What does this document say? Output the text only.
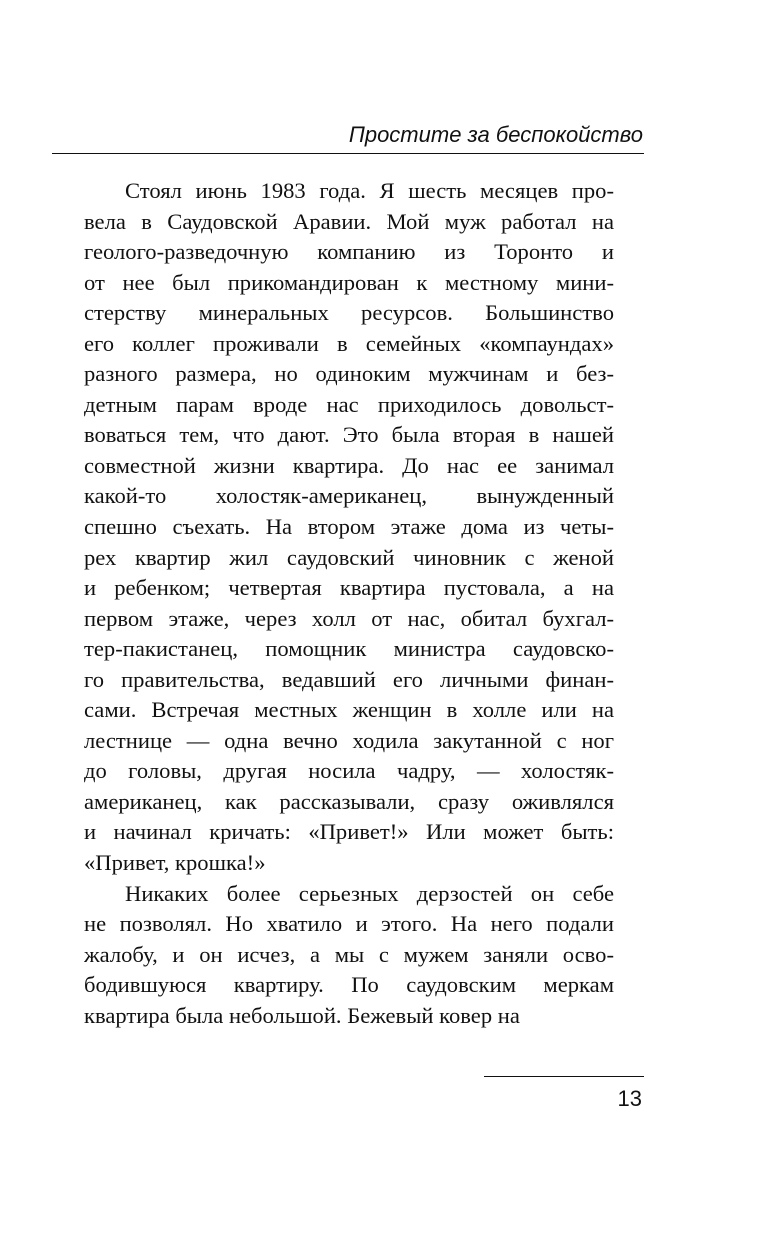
Простите за беспокойство
Стоял июнь 1983 года. Я шесть месяцев про-
вела в Саудовской Аравии. Мой муж работал на
геолого-разведочную компанию из Торонто и
от нее был прикомандирован к местному мини-
стерству минеральных ресурсов. Большинство
его коллег проживали в семейных «компаундах»
разного размера, но одиноким мужчинам и без-
детным парам вроде нас приходилось довольст-
воваться тем, что дают. Это была вторая в нашей
совместной жизни квартира. До нас ее занимал
какой-то холостяк-американец, вынужденный
спешно съехать. На втором этаже дома из четы-
рех квартир жил саудовский чиновник с женой
и ребенком; четвертая квартира пустовала, а на
первом этаже, через холл от нас, обитал бухгал-
тер-пакистанец, помощник министра саудовско-
го правительства, ведавший его личными финан-
сами. Встречая местных женщин в холле или на
лестнице — одна вечно ходила закутанной с ног
до головы, другая носила чадру, — холостяк-
американец, как рассказывали, сразу оживлялся
и начинал кричать: «Привет!» Или может быть:
«Привет, крошка!»
Никаких более серьезных дерзостей он себе
не позволял. Но хватило и этого. На него подали
жалобу, и он исчез, а мы с мужем заняли осво-
бодившуюся квартиру. По саудовским меркам
квартира была небольшой. Бежевый ковер на
13
